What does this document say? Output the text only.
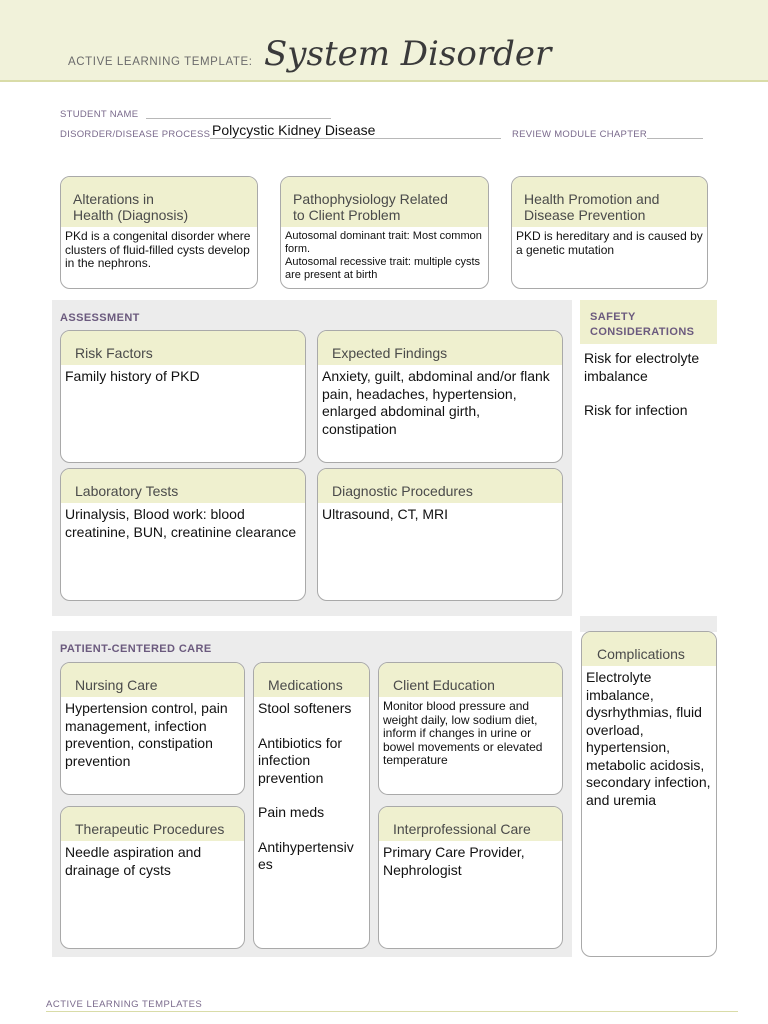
ACTIVE LEARNING TEMPLATE: System Disorder
STUDENT NAME
DISORDER/DISEASE PROCESS Polycystic Kidney Disease	REVIEW MODULE CHAPTER
Alterations in
Health (Diagnosis)
PKd is a congenital disorder where clusters of fluid-filled cysts develop in the nephrons.
Pathophysiology Related
to Client Problem
Autosomal dominant trait: Most common form.
Autosomal recessive trait: multiple cysts are present at birth
Health Promotion and
Disease Prevention
PKD is hereditary and is caused by a genetic mutation
ASSESSMENT
Risk Factors
Family history of PKD
Expected Findings
Anxiety, guilt, abdominal and/or flank pain, headaches, hypertension, enlarged abdominal girth, constipation
Laboratory Tests
Urinalysis, Blood work: blood creatinine, BUN, creatinine clearance
Diagnostic Procedures
Ultrasound, CT, MRI
SAFETY
CONSIDERATIONS

Risk for electrolyte imbalance

Risk for infection

PATIENT-CENTERED CARE
Nursing Care
Hypertension control, pain management, infection prevention, constipation prevention
Medications
Stool softeners
Antibiotics for infection prevention
Pain meds
Antihypertensiv es
Client Education
Monitor blood pressure and weight daily, low sodium diet, inform if changes in urine or bowel movements or elevated temperature
Therapeutic Procedures
Needle aspiration and drainage of cysts
Interprofessional Care
Primary Care Provider, Nephrologist
Complications
Electrolyte imbalance, dysrhythmias, fluid overload, hypertension, metabolic acidosis, secondary infection, and uremia
ACTIVE LEARNING TEMPLATES
